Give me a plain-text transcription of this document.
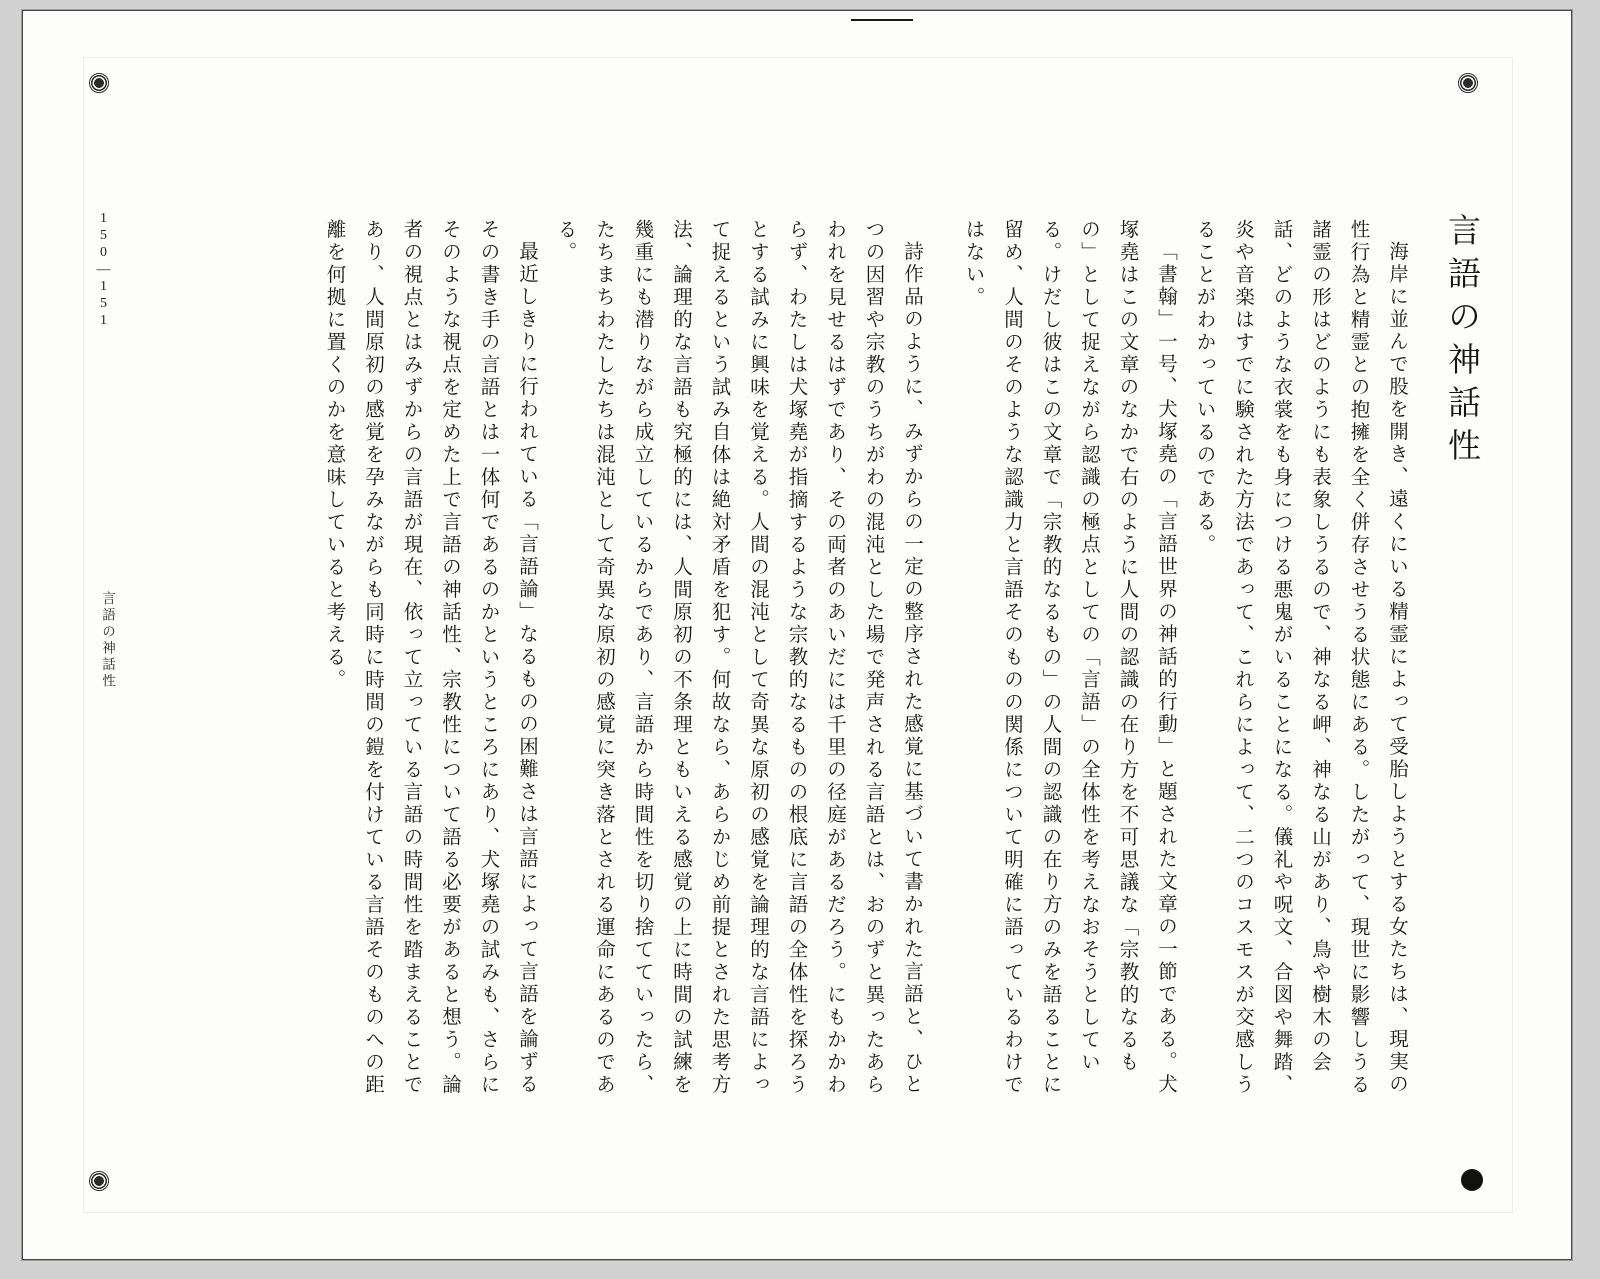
言語の神話性

海岸に並んで股を開き、遠くにいる精霊によって受胎しようとする女たちは、現実の性行為と精霊との抱擁を全く併存させうる状態にある。したがって、現世に影響しうる諸霊の形はどのようにも表象しうるので、神なる岬、神なる山があり、鳥や樹木の会話、どのような衣裳をも身につける悪鬼がいることになる。儀礼や呪文、合図や舞踏、炎や音楽はすでに験された方法であって、これらによって、二つのコスモスが交感しうることがわかっているのである。

「書翰」一号、犬塚堯の「言語世界の神話的行動」と題された文章の一節である。犬塚堯はこの文章のなかで右のように人間の認識の在り方を不可思議な「宗教的なるもの」として捉えながら認識の極点としての「言語」の全体性を考えなおそうとしている。けだし彼はこの文章で「宗教的なるもの」の人間の認識の在り方のみを語ることに留め、人間のそのような認識力と言語そのものの関係について明確に語っているわけではない。

詩作品のように、みずからの一定の整序された感覚に基づいて書かれた言語と、ひとつの因習や宗教のうちがわの混沌とした場で発声される言語とは、おのずと異ったあらわれを見せるはずであり、その両者のあいだには千里の径庭があるだろう。にもかかわらず、わたしは犬塚堯が指摘するような宗教的なるものの根底に言語の全体性を探ろうとする試みに興味を覚える。人間の混沌として奇異な原初の感覚を論理的な言語によって捉えるという試み自体は絶対矛盾を犯す。何故なら、あらかじめ前提とされた思考方法、論理的な言語も究極的には、人間原初の不条理ともいえる感覚の上に時間の試練を幾重にも潜りながら成立しているからであり、言語から時間性を切り捨てていったら、たちまちわたしたちは混沌として奇異な原初の感覚に突き落とされる運命にあるのである。

最近しきりに行われている「言語論」なるものの困難さは言語によって言語を論ずるその書き手の言語とは一体何であるのかというところにあり、犬塚堯の試みも、さらにそのような視点を定めた上で言語の神話性、宗教性について語る必要があると想う。論者の視点とはみずからの言語が現在、依って立っている言語の時間性を踏まえることであり、人間原初の感覚を孕みながらも同時に時間の鎧を付けている言語そのものへの距離を何拠に置くのかを意味していると考える。

150—151
言語の神話性
